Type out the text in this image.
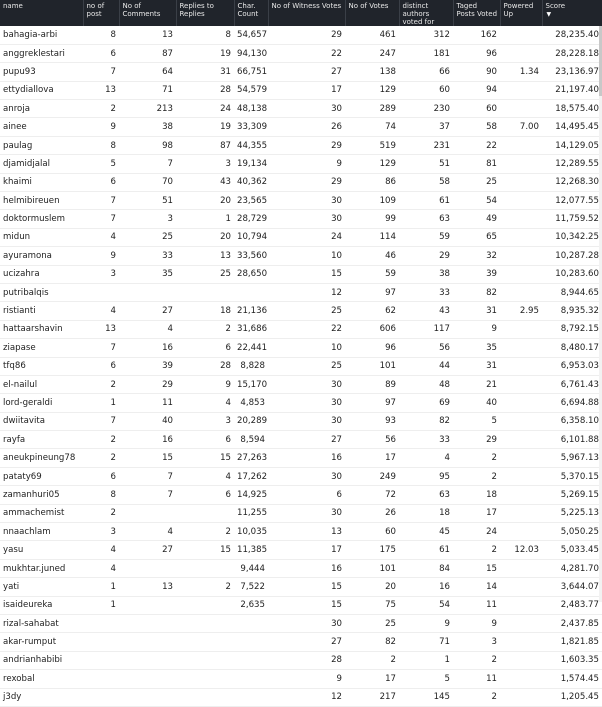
name	no of post	No of Comments	Replies to Replies	Char. Count	No of Witness Votes	No of Votes	distinct authors voted for	Taged Posts Voted	Powered Up	Score
▼
bahagia-arbi	8	13	8	54,657	29	461	312	162		28,235.40
anggreklestari	6	87	19	94,130	22	247	181	96		28,228.18
pupu93	7	64	31	66,751	27	138	66	90	1.34	23,136.97
ettydiallova	13	71	28	54,579	17	129	60	94		21,197.40
anroja	2	213	24	48,138	30	289	230	60		18,575.40
ainee	9	38	19	33,309	26	74	37	58	7.00	14,495.45
paulag	8	98	87	44,355	29	519	231	22		14,129.05
djamidjalal	5	7	3	19,134	9	129	51	81		12,289.55
khaimi	6	70	43	40,362	29	86	58	25		12,268.30
helmibireuen	7	51	20	23,565	30	109	61	54		12,077.55
doktormuslem	7	3	1	28,729	30	99	63	49		11,759.52
midun	4	25	20	10,794	24	114	59	65		10,342.25
ayuramona	9	33	13	33,560	10	46	29	32		10,287.28
ucizahra	3	35	25	28,650	15	59	38	39		10,283.60
putribalqis					12	97	33	82		8,944.65
ristianti	4	27	18	21,136	25	62	43	31	2.95	8,935.32
hattaarshavin	13	4	2	31,686	22	606	117	9		8,792.15
ziapase	7	16	6	22,441	10	96	56	35		8,480.17
tfq86	6	39	28	8,828	25	101	44	31		6,953.03
el-nailul	2	29	9	15,170	30	89	48	21		6,761.43
lord-geraldi	1	11	4	4,853	30	97	69	40		6,694.88
dwiitavita	7	40	3	20,289	30	93	82	5		6,358.10
rayfa	2	16	6	8,594	27	56	33	29		6,101.88
aneukpineung78	2	15	15	27,263	16	17	4	2		5,967.13
pataty69	6	7	4	17,262	30	249	95	2		5,370.15
zamanhuri05	8	7	6	14,925	6	72	63	18		5,269.15
ammachemist	2			11,255	30	26	18	17		5,225.13
nnaachlam	3	4	2	10,035	13	60	45	24		5,050.25
yasu	4	27	15	11,385	17	175	61	2	12.03	5,033.45
mukhtar.juned	4			9,444	16	101	84	15		4,281.70
yati	1	13	2	7,522	15	20	16	14		3,644.07
isaideureka	1			2,635	15	75	54	11		2,483.77
rizal-sahabat					30	25	9	9		2,437.85
akar-rumput					27	82	71	3		1,821.85
andrianhabibi					28	2	1	2		1,603.35
rexobal					9	17	5	11		1,574.45
j3dy					12	217	145	2		1,205.45
